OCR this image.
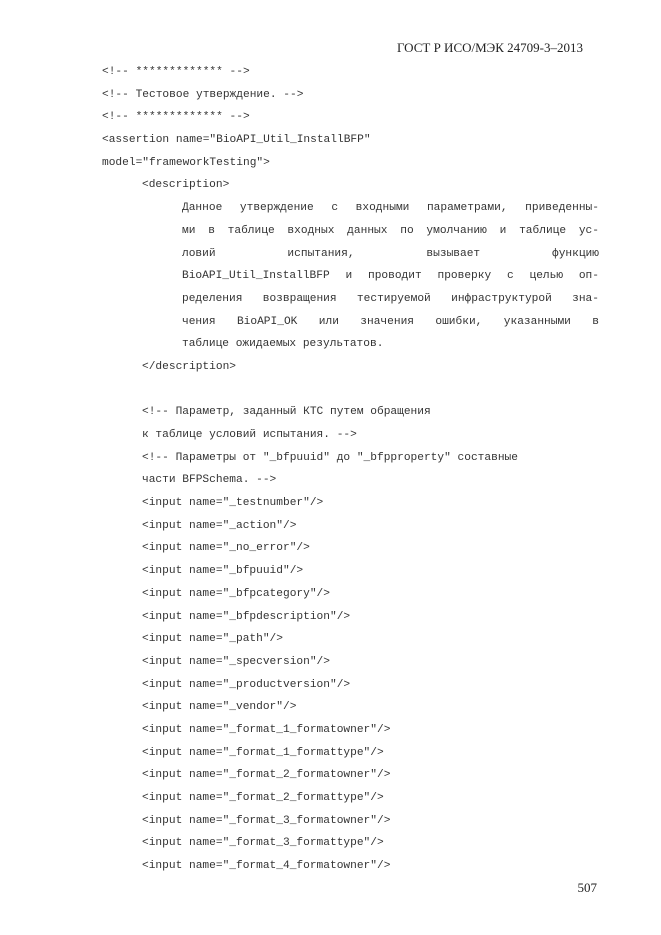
ГОСТ Р ИСО/МЭК 24709-3–2013
<!-- ************* -->
<!-- Тестовое утверждение. -->
<!-- ************* -->
<assertion name="BioAPI_Util_InstallBFP"
model="frameworkTesting">
<description>
Данное утверждение с входными параметрами, приведенны-
ми в таблице входных данных по умолчанию и таблице ус-
ловий испытания, вызывает функцию
BioAPI_Util_InstallBFP и проводит проверку с целью оп-
ределения возвращения тестируемой инфраструктурой зна-
чения BioAPI_OK или значения ошибки, указанными в
таблице ожидаемых результатов.
</description>
<!-- Параметр, заданный КТС путем обращения
к таблице условий испытания. -->
<!-- Параметры от "_bfpuuid" до "_bfpproperty" составные
части BFPSchema. -->
<input name="_testnumber"/>
<input name="_action"/>
<input name="_no_error"/>
<input name="_bfpuuid"/>
<input name="_bfpcategory"/>
<input name="_bfpdescription"/>
<input name="_path"/>
<input name="_specversion"/>
<input name="_productversion"/>
<input name="_vendor"/>
<input name="_format_1_formatowner"/>
<input name="_format_1_formattype"/>
<input name="_format_2_formatowner"/>
<input name="_format_2_formattype"/>
<input name="_format_3_formatowner"/>
<input name="_format_3_formattype"/>
<input name="_format_4_formatowner"/>
507
